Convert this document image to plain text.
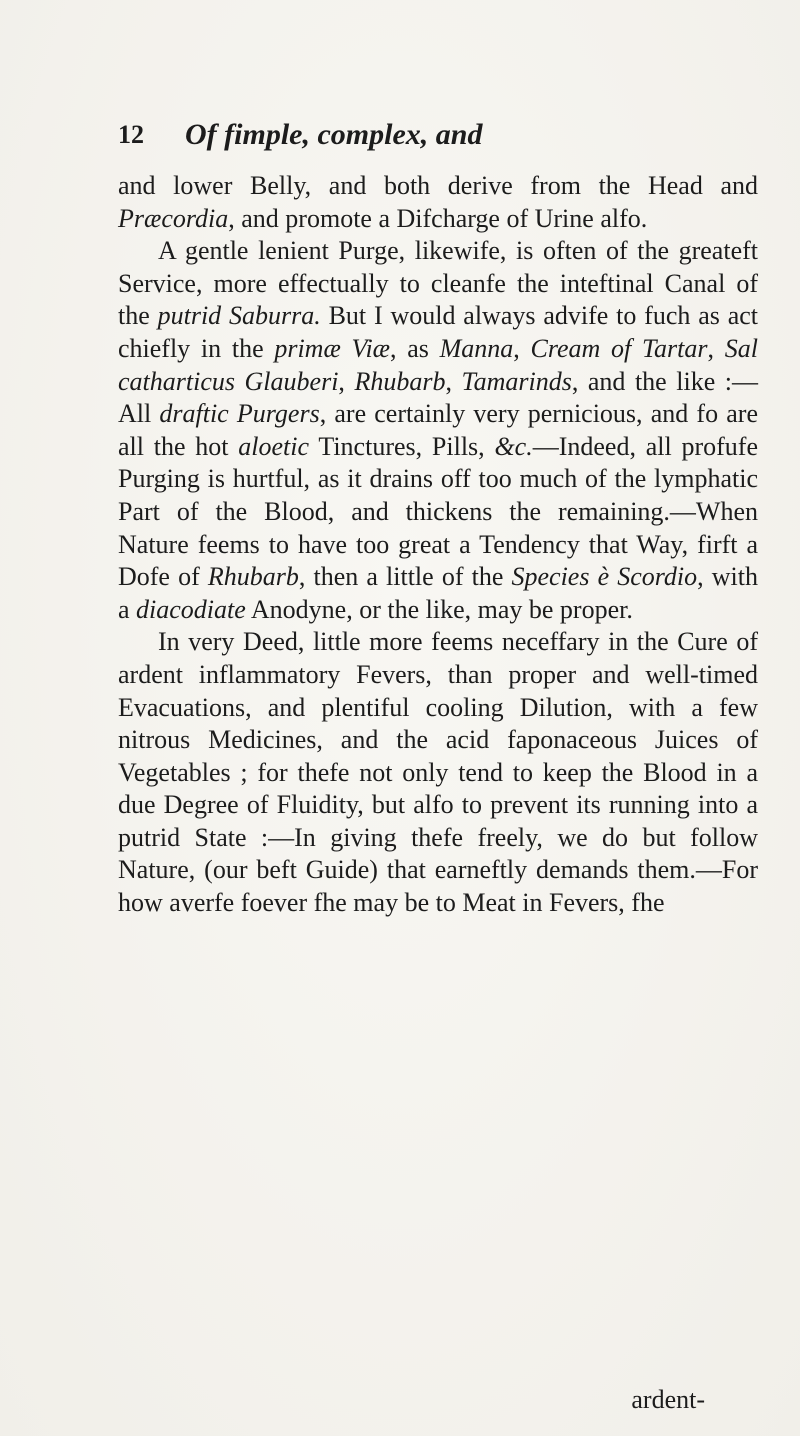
12 Of fimple, complex, and

and lower Belly, and both derive from the Head and Præcordia, and promote a Difcharge of Urine alfo.

A gentle lenient Purge, likewife, is often of the greateft Service, more effectually to cleanfe the inteftinal Canal of the putrid Saburra. But I would always advife to fuch as act chiefly in the primæ Viæ, as Manna, Cream of Tartar, Sal catharticus Glauberi, Rhubarb, Tamarinds, and the like :—All draftic Purgers, are certainly very pernicious, and fo are all the hot aloetic Tinctures, Pills, &c.—Indeed, all profufe Purging is hurtful, as it drains off too much of the lymphatic Part of the Blood, and thickens the remaining.—When Nature feems to have too great a Tendency that Way, firft a Dofe of Rhubarb, then a little of the Species è Scordio, with a diacodiate Anodyne, or the like, may be proper.

In very Deed, little more feems neceffary in the Cure of ardent inflammatory Fevers, than proper and well-timed Evacuations, and plentiful cooling Dilution, with a few nitrous Medicines, and the acid faponaceous Juices of Vegetables ; for thefe not only tend to keep the Blood in a due Degree of Fluidity, but alfo to prevent its running into a putrid State :—In giving thefe freely, we do but follow Nature, (our beft Guide) that earneftly demands them.—For how averfe foever fhe may be to Meat in Fevers, fhe

ardent-
